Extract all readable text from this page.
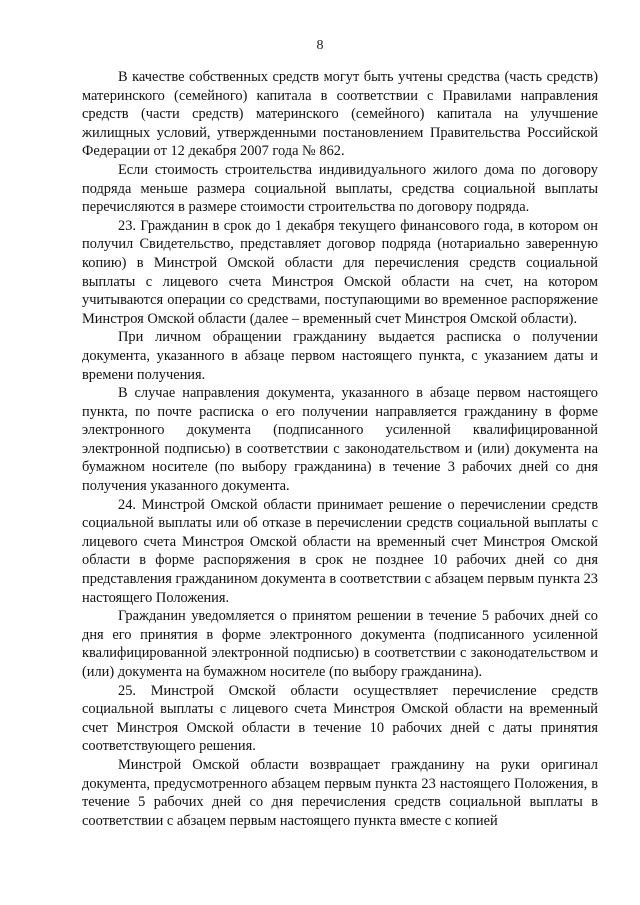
8

В качестве собственных средств могут быть учтены средства (часть средств) материнского (семейного) капитала в соответствии с Правилами направления средств (части средств) материнского (семейного) капитала на улучшение жилищных условий, утвержденными постановлением Правительства Российской Федерации от 12 декабря 2007 года № 862.

Если стоимость строительства индивидуального жилого дома по договору подряда меньше размера социальной выплаты, средства социальной выплаты перечисляются в размере стоимости строительства по договору подряда.

23. Гражданин в срок до 1 декабря текущего финансового года, в котором он получил Свидетельство, представляет договор подряда (нотариально заверенную копию) в Минстрой Омской области для перечисления средств социальной выплаты с лицевого счета Минстроя Омской области на счет, на котором учитываются операции со средствами, поступающими во временное распоряжение Минстроя Омской области (далее – временный счет Минстроя Омской области).

При личном обращении гражданину выдается расписка о получении документа, указанного в абзаце первом настоящего пункта, с указанием даты и времени получения.

В случае направления документа, указанного в абзаце первом настоящего пункта, по почте расписка о его получении направляется гражданину в форме электронного документа (подписанного усиленной квалифицированной электронной подписью) в соответствии с законодательством и (или) документа на бумажном носителе (по выбору гражданина) в течение 3 рабочих дней со дня получения указанного документа.

24. Минстрой Омской области принимает решение о перечислении средств социальной выплаты или об отказе в перечислении средств социальной выплаты с лицевого счета Минстроя Омской области на временный счет Минстроя Омской области в форме распоряжения в срок не позднее 10 рабочих дней со дня представления гражданином документа в соответствии с абзацем первым пункта 23 настоящего Положения.

Гражданин уведомляется о принятом решении в течение 5 рабочих дней со дня его принятия в форме электронного документа (подписанного усиленной квалифицированной электронной подписью) в соответствии с законодательством и (или) документа на бумажном носителе (по выбору гражданина).

25. Минстрой Омской области осуществляет перечисление средств социальной выплаты с лицевого счета Минстроя Омской области на временный счет Минстроя Омской области в течение 10 рабочих дней с даты принятия соответствующего решения.

Минстрой Омской области возвращает гражданину на руки оригинал документа, предусмотренного абзацем первым пункта 23 настоящего Положения, в течение 5 рабочих дней со дня перечисления средств социальной выплаты в соответствии с абзацем первым настоящего пункта вместе с копией
